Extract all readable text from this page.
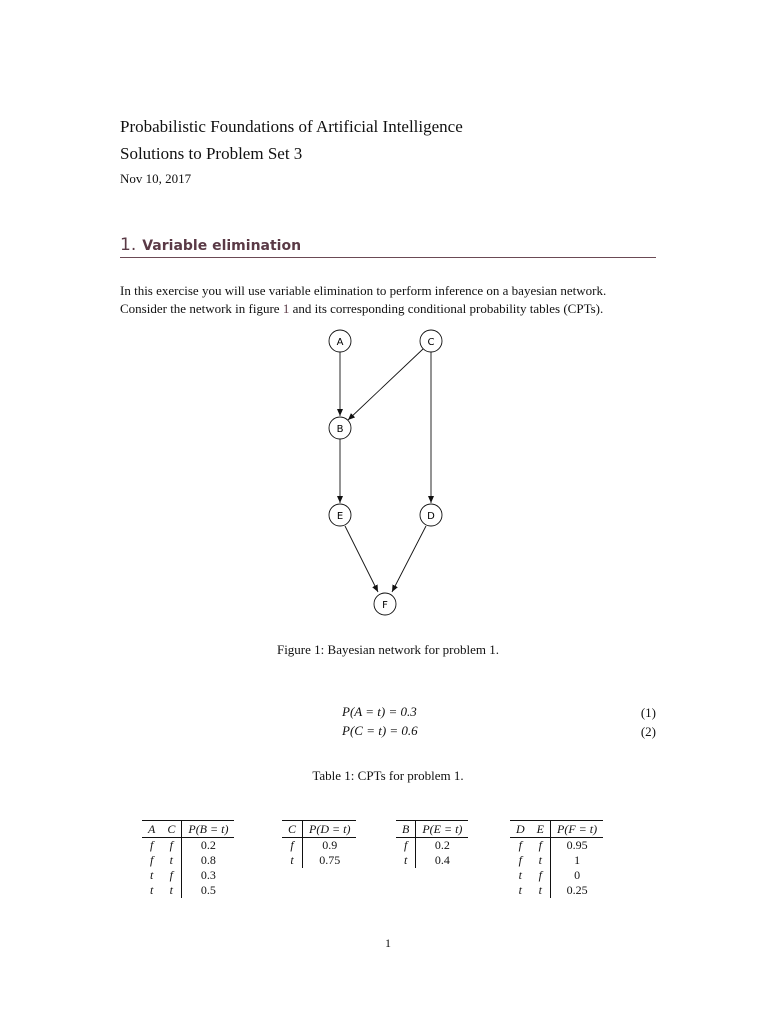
Probabilistic Foundations of Artificial Intelligence
Solutions to Problem Set 3
Nov 10, 2017
1. Variable elimination
In this exercise you will use variable elimination to perform inference on a bayesian network.
Consider the network in figure 1 and its corresponding conditional probability tables (CPTs).
A	C
B
E	D
F
Figure 1: Bayesian network for problem 1.
P(A = t) = 0.3	(1)
P(C = t) = 0.6	(2)
Table 1: CPTs for problem 1.
A	C	P(B = t)
f	f	0.2
f	t	0.8
t	f	0.3
t	t	0.5
C	P(D = t)
f	0.9
t	0.75
B	P(E = t)
f	0.2
t	0.4
D	E	P(F = t)
f	f	0.95
f	t	1
t	f	0
t	t	0.25
1
